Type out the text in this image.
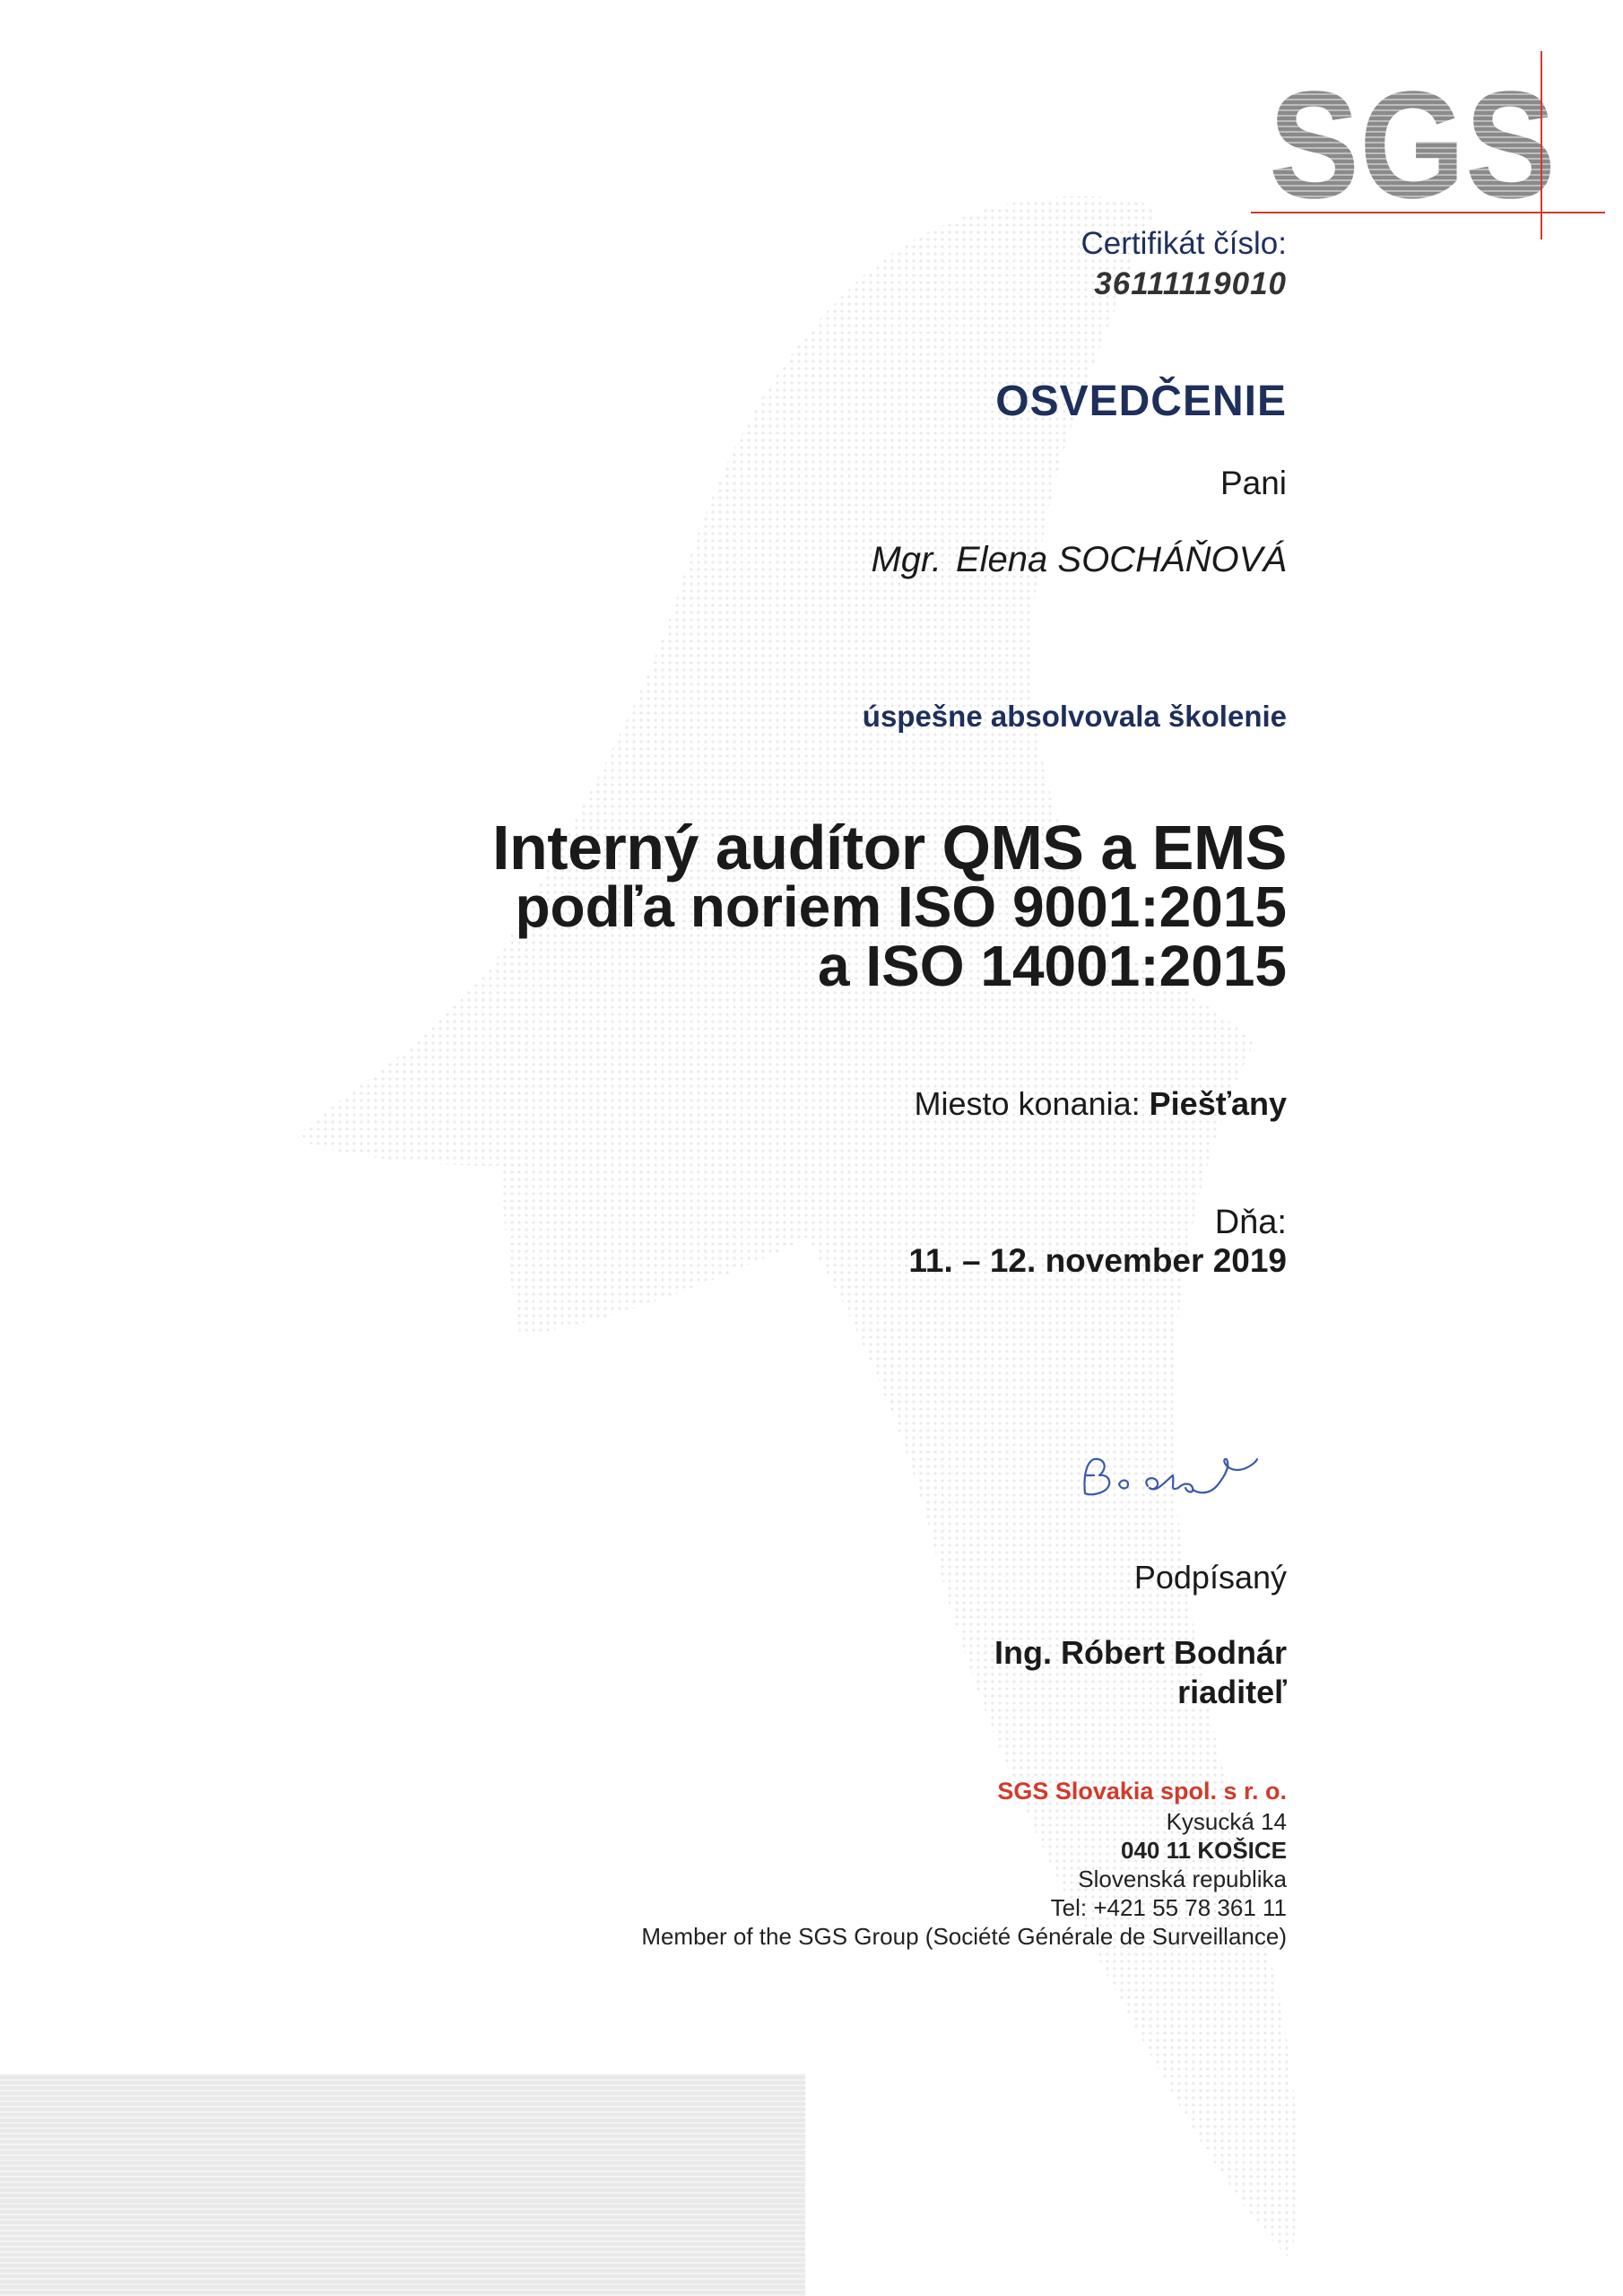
SGS
Certifikát číslo:
36111119010
OSVEDČENIE
Pani
Mgr. Elena SOCHÁŇOVÁ
úspešne absolvovala školenie
Interný audítor QMS a EMS
podľa noriem ISO 9001:2015
a ISO 14001:2015
Miesto konania: Piešťany
Dňa:
11. – 12. november 2019
Podpísaný
Ing. Róbert Bodnár
riaditeľ
SGS Slovakia spol. s r. o.
Kysucká 14
040 11 KOŠICE
Slovenská republika
Tel: +421 55 78 361 11
Member of the SGS Group (Société Générale de Surveillance)
